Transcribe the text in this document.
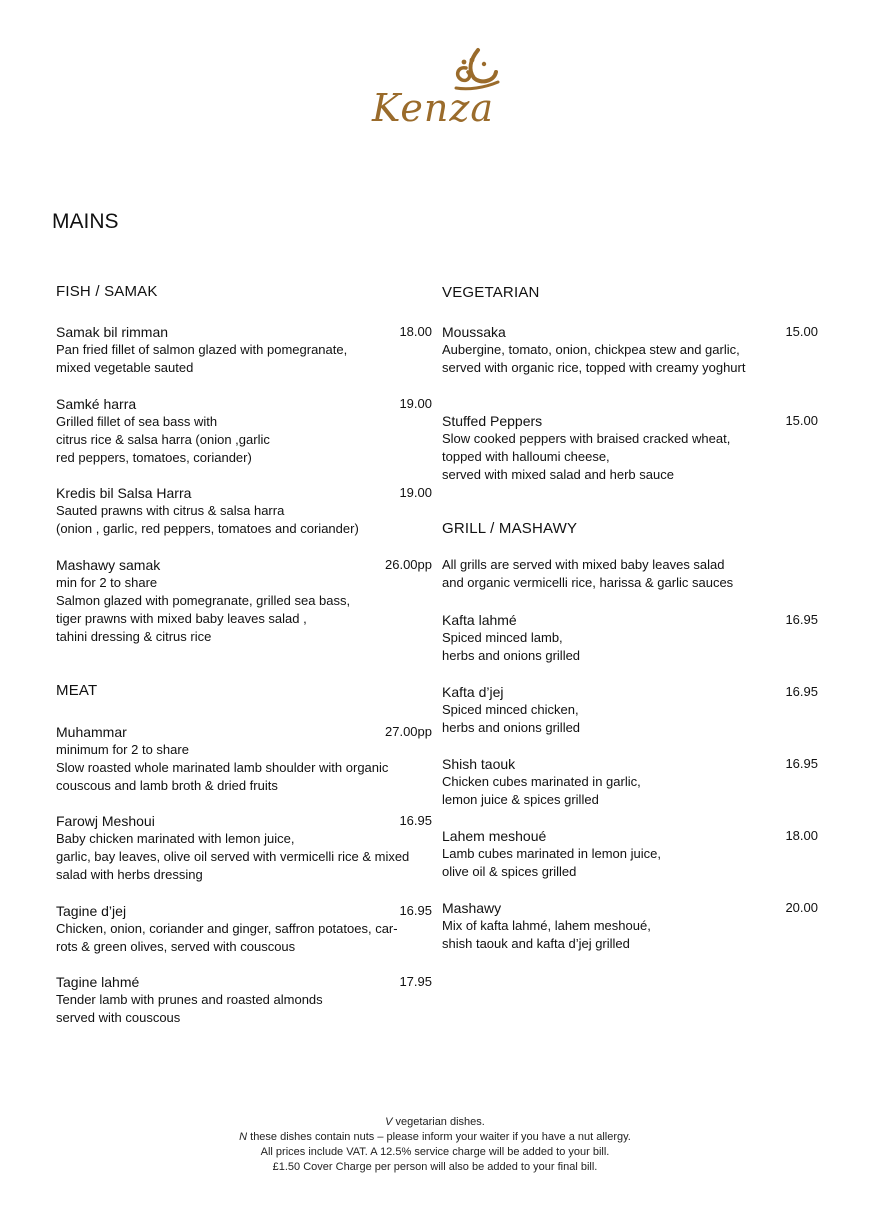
Kenza
MAINS
FISH / SAMAK
Samak bil rimman	18.00
Pan fried fillet of salmon glazed with pomegranate,
mixed vegetable sauted
Samké harra	19.00
Grilled fillet of sea bass with
citrus rice & salsa harra (onion ,garlic
red peppers, tomatoes, coriander)
Kredis bil Salsa Harra	19.00
Sauted prawns with citrus & salsa harra
(onion , garlic, red peppers, tomatoes and coriander)
Mashawy samak	26.00pp
min for 2 to share
Salmon glazed with pomegranate, grilled sea bass,
tiger prawns with mixed baby leaves salad ,
tahini dressing & citrus rice
MEAT
Muhammar	27.00pp
minimum for 2 to share
Slow roasted whole marinated lamb shoulder with organic
couscous and lamb broth & dried fruits
Farowj Meshoui	16.95
Baby chicken marinated with lemon juice,
garlic, bay leaves, olive oil served with vermicelli rice & mixed
salad with herbs dressing
Tagine d’jej	16.95
Chicken, onion, coriander and ginger, saffron potatoes, car-
rots & green olives, served with couscous
Tagine lahmé	17.95
Tender lamb with prunes and roasted almonds
served with couscous
VEGETARIAN
Moussaka	15.00
Aubergine, tomato, onion, chickpea stew and garlic,
served with organic rice, topped with creamy yoghurt
Stuffed Peppers	15.00
Slow cooked peppers with braised cracked wheat,
topped with halloumi cheese,
served with mixed salad and herb sauce
GRILL / MASHAWY
All grills are served with mixed baby leaves salad
and organic vermicelli rice, harissa & garlic sauces
Kafta lahmé	16.95
Spiced minced lamb,
herbs and onions grilled
Kafta d’jej	16.95
Spiced minced chicken,
herbs and onions grilled
Shish taouk	16.95
Chicken cubes marinated in garlic,
lemon juice & spices grilled
Lahem meshoué	18.00
Lamb cubes marinated in lemon juice,
olive oil & spices grilled
Mashawy	20.00
Mix of kafta lahmé, lahem meshoué,
shish taouk and kafta d’jej grilled
V vegetarian dishes.
N these dishes contain nuts – please inform your waiter if you have a nut allergy.
All prices include VAT. A 12.5% service charge will be added to your bill.
£1.50 Cover Charge per person will also be added to your final bill.
